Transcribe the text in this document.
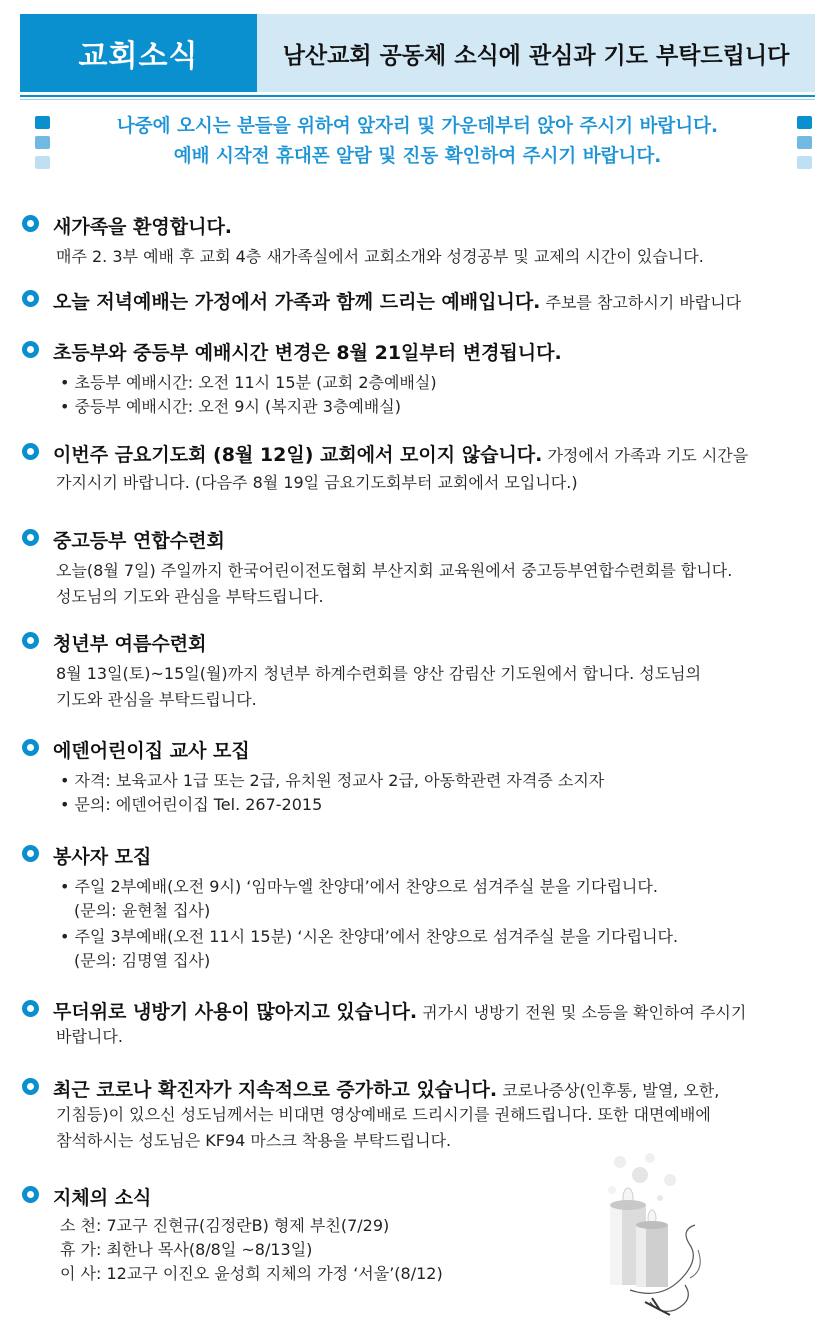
교회소식	남산교회 공동체 소식에 관심과 기도 부탁드립니다
나중에 오시는 분들을 위하여 앞자리 및 가운데부터 앉아 주시기 바랍니다.
예배 시작전 휴대폰 알람 및 진동 확인하여 주시기 바랍니다.
새가족을 환영합니다.
매주 2. 3부 예배 후 교회 4층 새가족실에서 교회소개와 성경공부 및 교제의 시간이 있습니다.
오늘 저녁예배는 가정에서 가족과 함께 드리는 예배입니다. 주보를 참고하시기 바랍니다
초등부와 중등부 예배시간 변경은 8월 21일부터 변경됩니다.
• 초등부 예배시간: 오전 11시 15분 (교회 2층예배실)
• 중등부 예배시간: 오전 9시 (복지관 3층예배실)
이번주 금요기도회 (8월 12일) 교회에서 모이지 않습니다. 가정에서 가족과 기도 시간을
가지시기 바랍니다. (다음주 8월 19일 금요기도회부터 교회에서 모입니다.)
중고등부 연합수련회
오늘(8월 7일) 주일까지 한국어린이전도협회 부산지회 교육원에서 중고등부연합수련회를 합니다.
성도님의 기도와 관심을 부탁드립니다.
청년부 여름수련회
8월 13일(토)~15일(월)까지 청년부 하계수련회를 양산 감림산 기도원에서 합니다. 성도님의
기도와 관심을 부탁드립니다.
에덴어린이집 교사 모집
• 자격: 보육교사 1급 또는 2급, 유치원 정교사 2급, 아동학관련 자격증 소지자
• 문의: 에덴어린이집 Tel. 267-2015
봉사자 모집
• 주일 2부예배(오전 9시) ‘임마누엘 찬양대’에서 찬양으로 섬겨주실 분을 기다립니다.
(문의: 윤현철 집사)
• 주일 3부예배(오전 11시 15분) ‘시온 찬양대’에서 찬양으로 섬겨주실 분을 기다립니다.
(문의: 김명열 집사)
무더위로 냉방기 사용이 많아지고 있습니다. 귀가시 냉방기 전원 및 소등을 확인하여 주시기
바랍니다.
최근 코로나 확진자가 지속적으로 증가하고 있습니다. 코로나증상(인후통, 발열, 오한,
기침등)이 있으신 성도님께서는 비대면 영상예배로 드리시기를 권해드립니다. 또한 대면예배에
참석하시는 성도님은 KF94 마스크 착용을 부탁드립니다.
지체의 소식
소 천: 7교구 진현규(김정란B) 형제 부친(7/29)
휴 가: 최한나 목사(8/8일 ~8/13일)
이 사: 12교구 이진오 윤성희 지체의 가정 ‘서울’(8/12)
